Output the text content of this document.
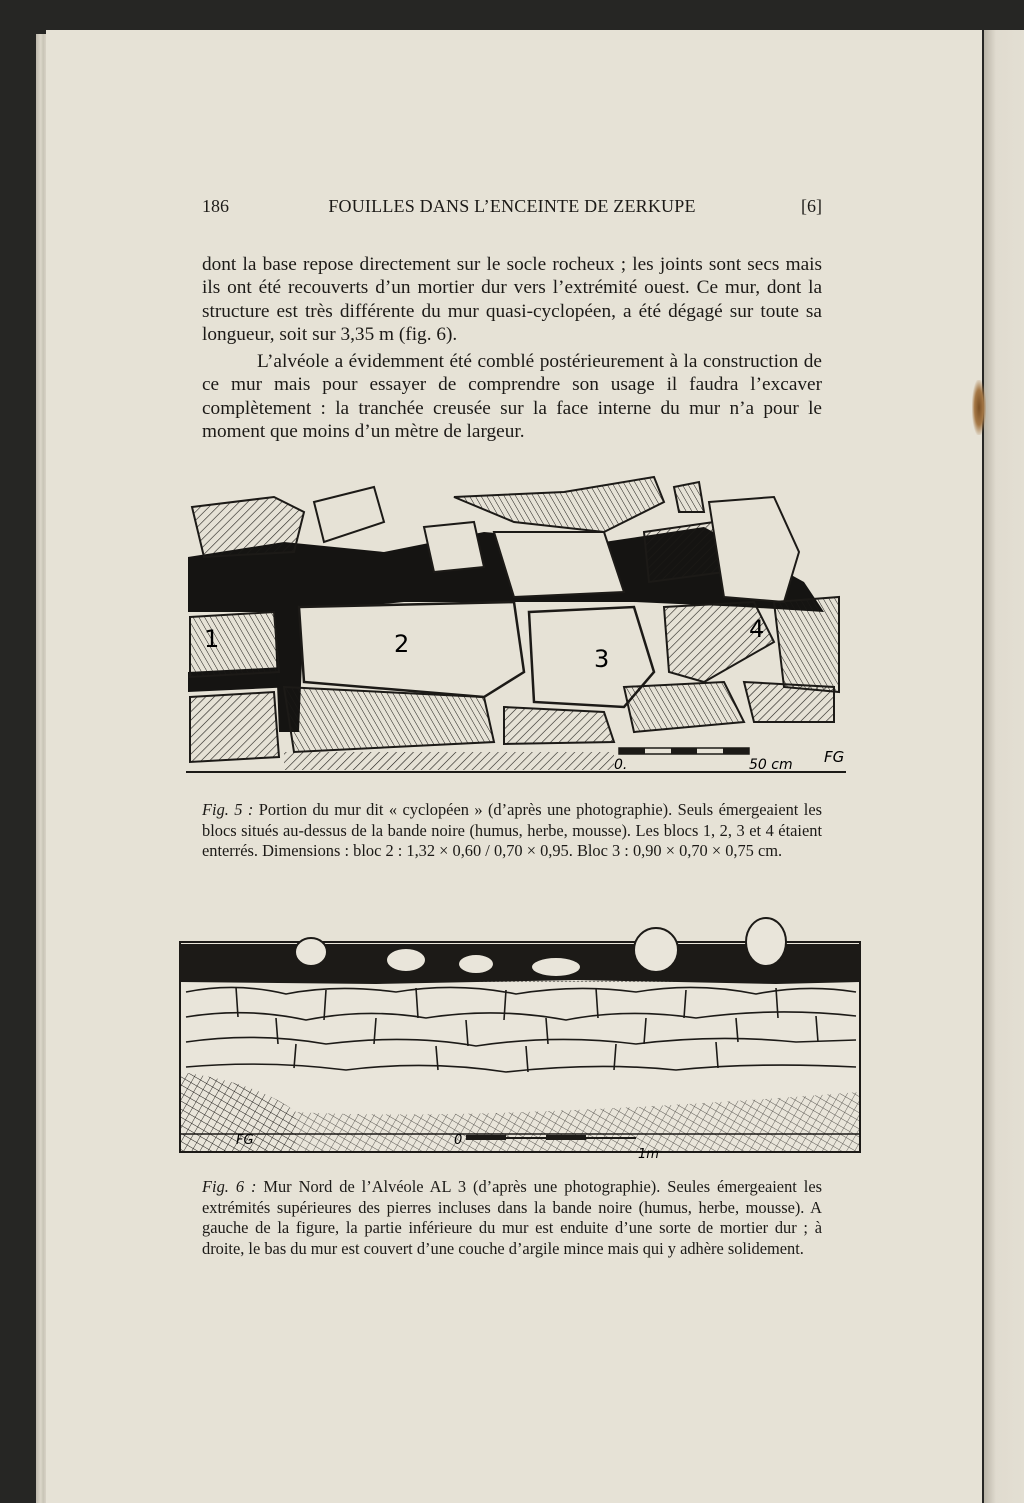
186	FOUILLES DANS L’ENCEINTE DE ZERKUPE	[6]

dont la base repose directement sur le socle rocheux ; les joints sont secs mais ils ont été recouverts d’un mortier dur vers l’extrémité ouest. Ce mur, dont la structure est très différente du mur quasi-cyclopéen, a été dégagé sur toute sa longueur, soit sur 3,35 m (fig. 6).

L’alvéole a évidemment été comblé postérieurement à la construction de ce mur mais pour essayer de comprendre son usage il faudra l’excaver complètement : la tranchée creusée sur la face interne du mur n’a pour le moment que moins d’un mètre de largeur.

0.	50 cm FG
1	2
3
4
Fig. 5 : Portion du mur dit « cyclopéen » (d’après une photographie). Seuls émergeaient les blocs situés au-dessus de la bande noire (humus, herbe, mousse). Les blocs 1, 2, 3 et 4 étaient enterrés. Dimensions : bloc 2 : 1,32 × 0,60 / 0,70 × 0,95. Bloc 3 : 0,90 × 0,70 × 0,75 cm.
0
1m
FG
Fig. 6 : Mur Nord de l’Alvéole AL 3 (d’après une photographie). Seules émergeaient les extrémités supérieures des pierres incluses dans la bande noire (humus, herbe, mousse). A gauche de la figure, la partie inférieure du mur est enduite d’une sorte de mortier dur ; à droite, le bas du mur est couvert d’une couche d’argile mince mais qui y adhère solidement.
